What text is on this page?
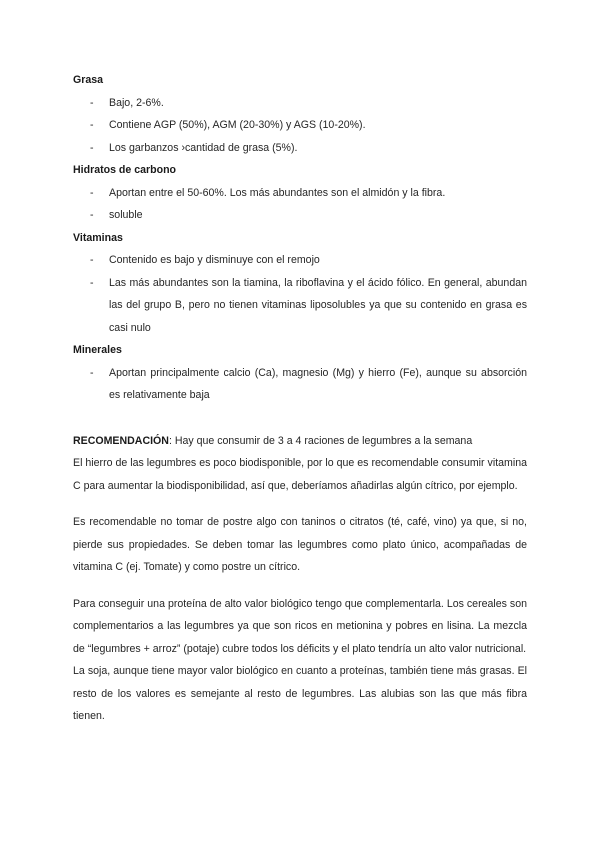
Grasa
- Bajo, 2-6%.
- Contiene AGP (50%), AGM (20-30%) y AGS (10-20%).
- Los garbanzos ›cantidad de grasa (5%).
Hidratos de carbono
- Aportan entre el 50-60%. Los más abundantes son el almidón y la fibra.
- soluble
Vitaminas
- Contenido es bajo y disminuye con el remojo
- Las más abundantes son la tiamina, la riboflavina y el ácido fólico. En general, abundan las del grupo B, pero no tienen vitaminas liposolubles ya que su contenido en grasa es casi nulo
Minerales
- Aportan principalmente calcio (Ca), magnesio (Mg) y hierro (Fe), aunque su absorción es relativamente baja

RECOMENDACIÓN: Hay que consumir de 3 a 4 raciones de legumbres a la semana

El hierro de las legumbres es poco biodisponible, por lo que es recomendable consumir vitamina C para aumentar la biodisponibilidad, así que, deberíamos añadirlas algún cítrico, por ejemplo.

Es recomendable no tomar de postre algo con taninos o citratos (té, café, vino) ya que, si no, pierde sus propiedades. Se deben tomar las legumbres como plato único, acompañadas de vitamina C (ej. Tomate) y como postre un cítrico.

Para conseguir una proteína de alto valor biológico tengo que complementarla. Los cereales son complementarios a las legumbres ya que son ricos en metionina y pobres en lisina. La mezcla de “legumbres + arroz” (potaje) cubre todos los déficits y el plato tendría un alto valor nutricional.

La soja, aunque tiene mayor valor biológico en cuanto a proteínas, también tiene más grasas. El resto de los valores es semejante al resto de legumbres. Las alubias son las que más fibra tienen.
